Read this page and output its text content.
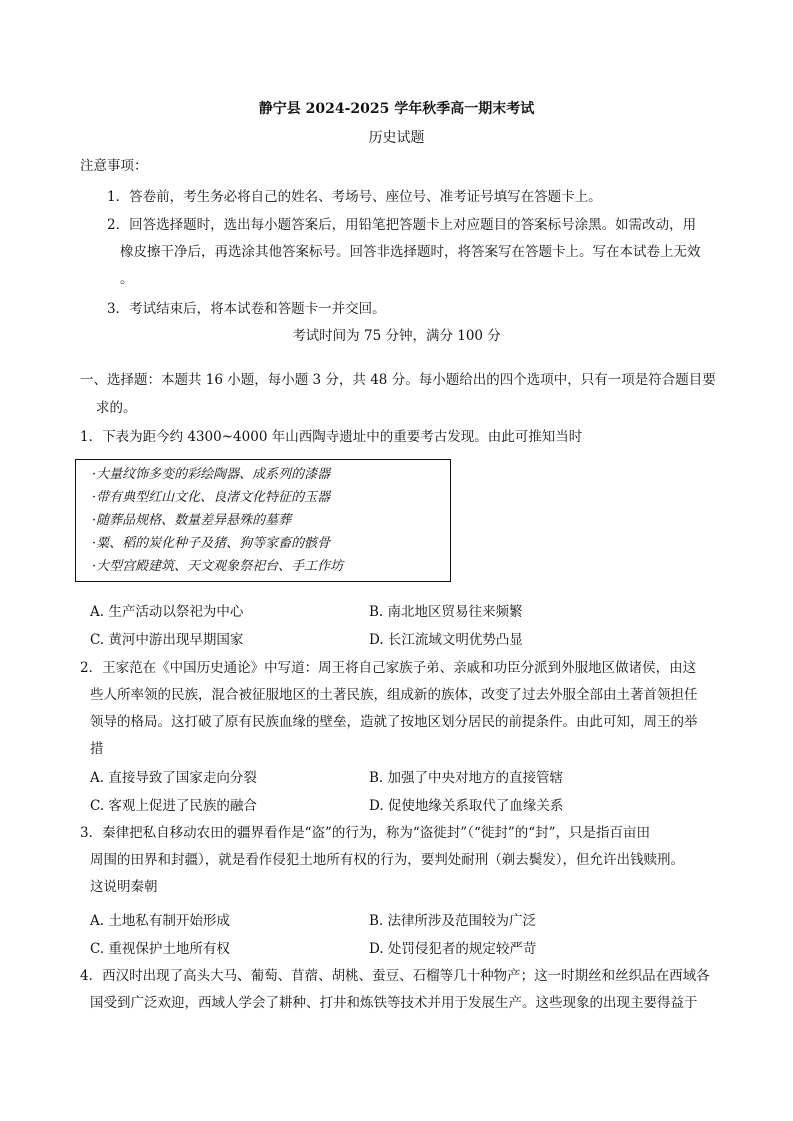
静宁县 2024-2025 学年秋季高一期末考试
历史试题
注意事项：
1．答卷前，考生务必将自己的姓名、考场号、座位号、准考证号填写在答题卡上。
2．回答选择题时，选出每小题答案后，用铅笔把答题卡上对应题目的答案标号涂黑。如需改动，用
橡皮擦干净后，再选涂其他答案标号。回答非选择题时，将答案写在答题卡上。写在本试卷上无效
。
3．考试结束后，将本试卷和答题卡一并交回。
考试时间为 75 分钟，满分 100 分
一、选择题：本题共 16 小题，每小题 3 分，共 48 分。每小题给出的四个选项中，只有一项是符合题目要
求的。
1．下表为距今约 4300~4000 年山西陶寺遗址中的重要考古发现。由此可推知当时
·大量纹饰多变的彩绘陶器、成系列的漆器
·带有典型红山文化、良渚文化特征的玉器
·随葬品规格、数量差异悬殊的墓葬
·粟、稻的炭化种子及猪、狗等家畜的骸骨
·大型宫殿建筑、天文观象祭祀台、手工作坊
A. 生产活动以祭祀为中心	B. 南北地区贸易往来频繁
C. 黄河中游出现早期国家	D. 长江流域文明优势凸显
2．王家范在《中国历史通论》中写道：周王将自己家族子弟、亲戚和功臣分派到外服地区做诸侯，由这
些人所率领的民族，混合被征服地区的土著民族，组成新的族体，改变了过去外服全部由土著首领担任
领导的格局。这打破了原有民族血缘的壁垒，造就了按地区划分居民的前提条件。由此可知，周王的举
措
A. 直接导致了国家走向分裂	B. 加强了中央对地方的直接管辖
C. 客观上促进了民族的融合	D. 促使地缘关系取代了血缘关系
3．秦律把私自移动农田的疆界看作是“盗”的行为，称为“盗徙封”（“徙封”的“封”，只是指百亩田
周围的田界和封疆），就是看作侵犯土地所有权的行为，要判处耐刑（剃去鬓发），但允许出钱赎刑。
这说明秦朝
A. 土地私有制开始形成	B. 法律所涉及范围较为广泛
C. 重视保护土地所有权	D. 处罚侵犯者的规定较严苛
4．西汉时出现了高头大马、葡萄、苜蓿、胡桃、蚕豆、石榴等几十种物产；这一时期丝和丝织品在西域各
国受到广泛欢迎，西域人学会了耕种、打井和炼铁等技术并用于发展生产。这些现象的出现主要得益于
